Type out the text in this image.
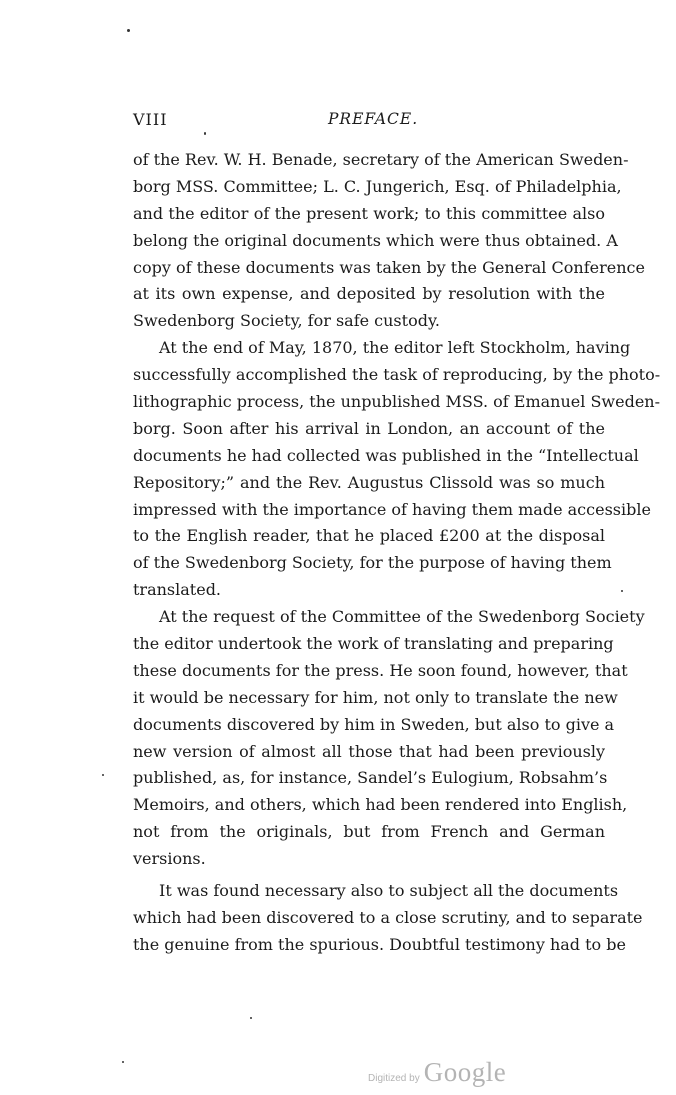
VIII	PREFACE.
of the Rev. W. H. Benade, secretary of the American Sweden-
borg MSS. Committee; L. C. Jungerich, Esq. of Philadelphia,
and the editor of the present work; to this committee also
belong the original documents which were thus obtained. A
copy of these documents was taken by the General Conference
at its own expense, and deposited by resolution with the
Swedenborg Society, for safe custody.
At the end of May, 1870, the editor left Stockholm, having
successfully accomplished the task of reproducing, by the photo-
lithographic process, the unpublished MSS. of Emanuel Sweden-
borg. Soon after his arrival in London, an account of the
documents he had collected was published in the “Intellectual
Repository;” and the Rev. Augustus Clissold was so much
impressed with the importance of having them made accessible
to the English reader, that he placed £200 at the disposal
of the Swedenborg Society, for the purpose of having them
translated.
At the request of the Committee of the Swedenborg Society
the editor undertook the work of translating and preparing
these documents for the press. He soon found, however, that
it would be necessary for him, not only to translate the new
documents discovered by him in Sweden, but also to give a
new version of almost all those that had been previously
published, as, for instance, Sandel’s Eulogium, Robsahm’s
Memoirs, and others, which had been rendered into English,
not from the originals, but from French and German
versions.
It was found necessary also to subject all the documents
which had been discovered to a close scrutiny, and to separate
the genuine from the spurious. Doubtful testimony had to be
Digitized by Google
